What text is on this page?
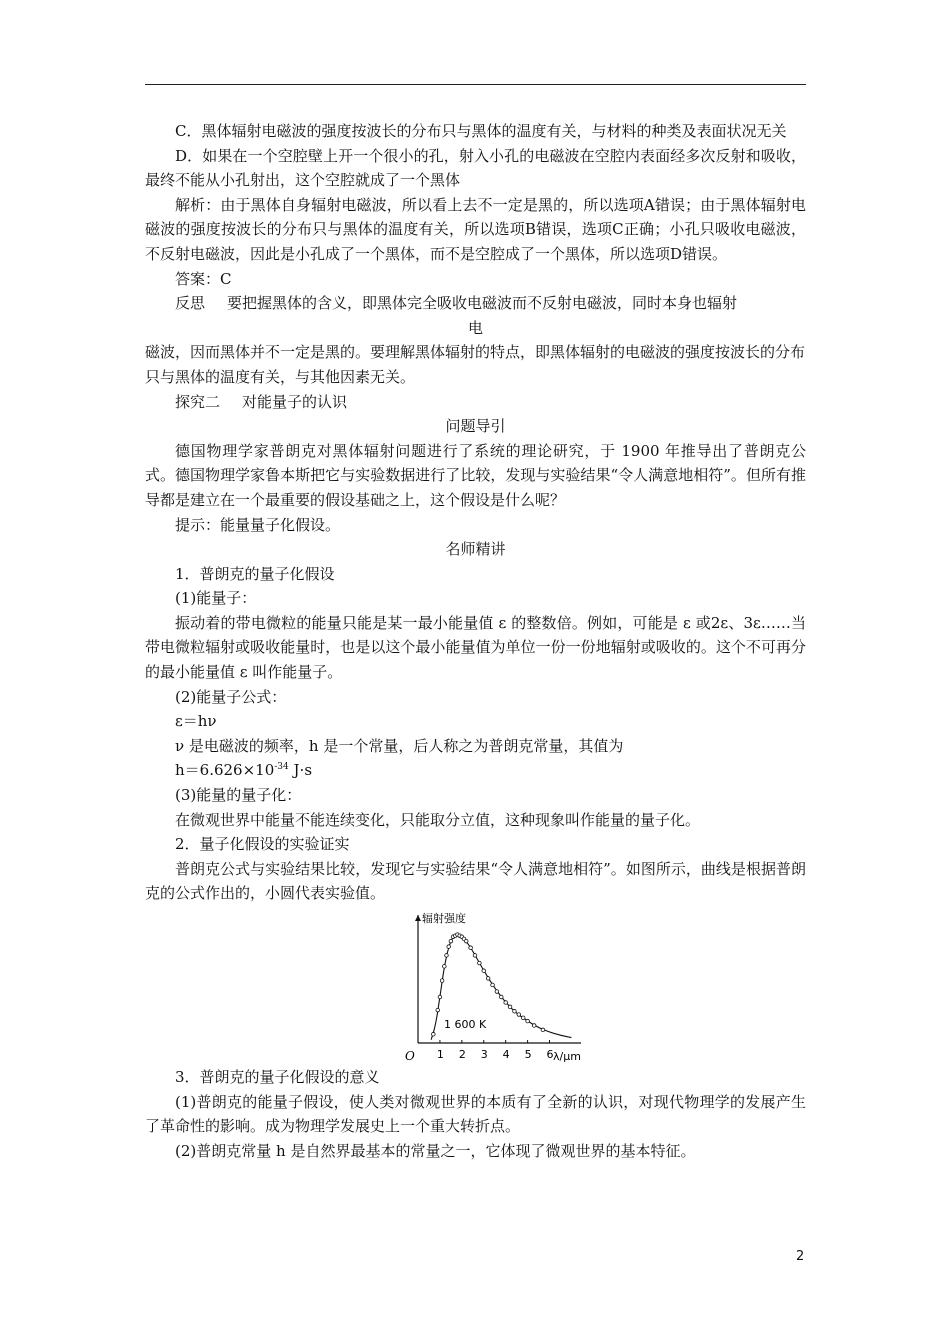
C．黑体辐射电磁波的强度按波长的分布只与黑体的温度有关，与材料的种类及表面状况无关

D．如果在一个空腔壁上开一个很小的孔，射入小孔的电磁波在空腔内表面经多次反射和吸收，最终不能从小孔射出，这个空腔就成了一个黑体

解析：由于黑体自身辐射电磁波，所以看上去不一定是黑的，所以选项A错误；由于黑体辐射电磁波的强度按波长的分布只与黑体的温度有关，所以选项B错误，选项C正确；小孔只吸收电磁波，不反射电磁波，因此是小孔成了一个黑体，而不是空腔成了一个黑体，所以选项D错误。

答案：C

反思 要把握黑体的含义，即黑体完全吸收电磁波而不反射电磁波，同时本身也辐射

电

磁波，因而黑体并不一定是黑的。要理解黑体辐射的特点，即黑体辐射的电磁波的强度按波长的分布只与黑体的温度有关，与其他因素无关。

探究二 对能量子的认识

问题导引

德国物理学家普朗克对黑体辐射问题进行了系统的理论研究，于 1900 年推导出了普朗克公式。德国物理学家鲁本斯把它与实验数据进行了比较，发现与实验结果“令人满意地相符”。但所有推导都是建立在一个最重要的假设基础之上，这个假设是什么呢？

提示：能量量子化假设。

名师精讲

1．普朗克的量子化假设

(1)能量子：

振动着的带电微粒的能量只能是某一最小能量值 ε 的整数倍。例如，可能是 ε 或2ε、3ε……当带电微粒辐射或吸收能量时，也是以这个最小能量值为单位一份一份地辐射或吸收的。这个不可再分的最小能量值 ε 叫作能量子。

(2)能量子公式：

ε＝hν

ν 是电磁波的频率，h 是一个常量，后人称之为普朗克常量，其值为

$h=6.626\times 10^{-34}$ J·s

(3)能量的量子化：

在微观世界中能量不能连续变化，只能取分立值，这种现象叫作能量的量子化。

2．量子化假设的实验证实

普朗克公式与实验结果比较，发现它与实验结果“令人满意地相符”。如图所示，曲线是根据普朗克的公式作出的，小圆代表实验值。

辐射强度
O	λ/μm
1 600 K
1 2 3 4 5 6

3．普朗克的量子化假设的意义

(1)普朗克的能量子假设，使人类对微观世界的本质有了全新的认识，对现代物理学的发展产生了革命性的影响。成为物理学发展史上一个重大转折点。

(2)普朗克常量 h 是自然界最基本的常量之一，它体现了微观世界的基本特征。

2
